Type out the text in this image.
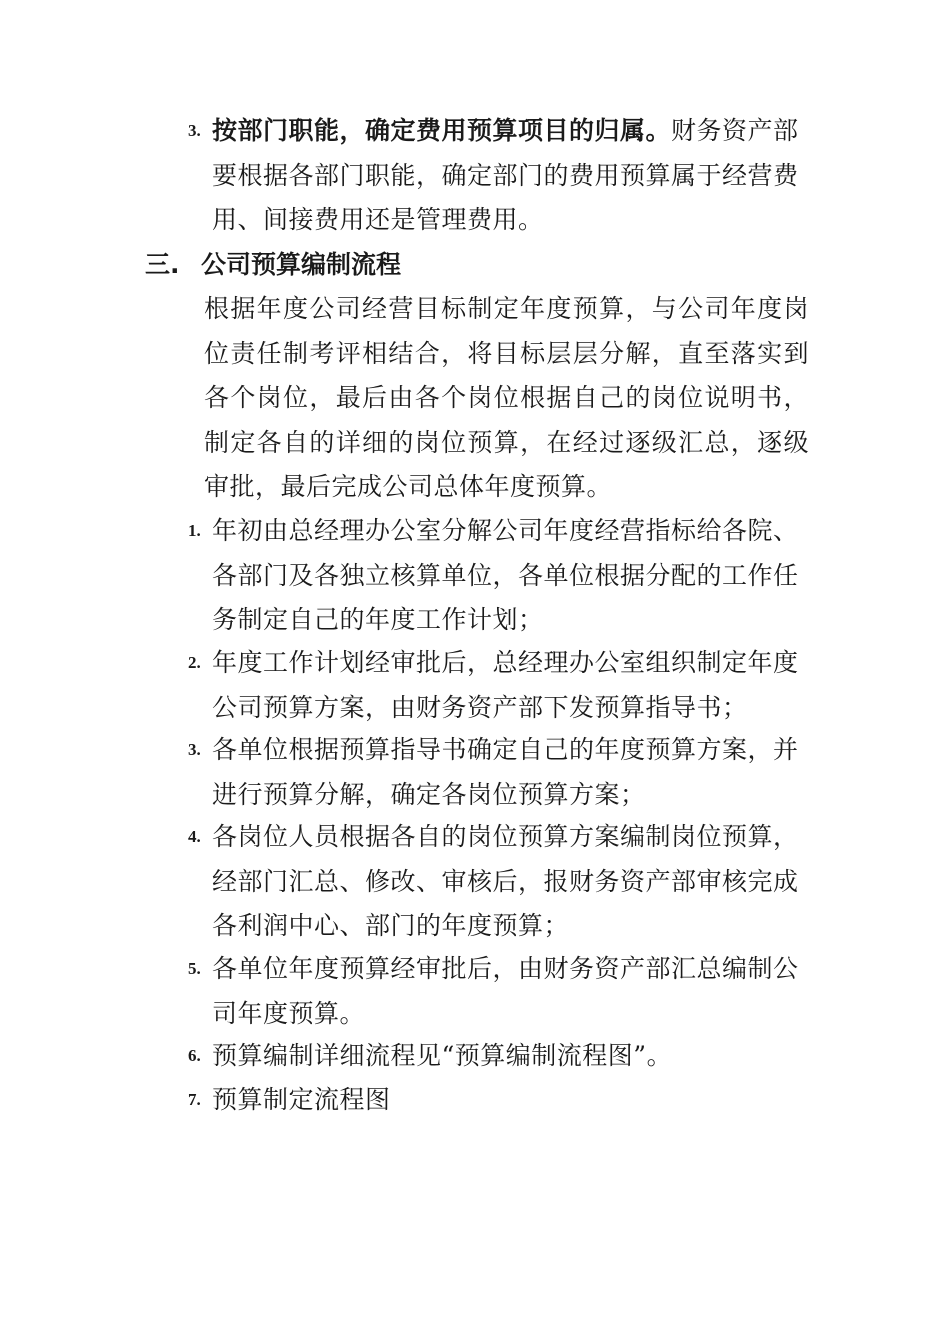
3. 按部门职能，确定费用预算项目的归属。财务资产部要根据各部门职能，确定部门的费用预算属于经营费用、间接费用还是管理费用。
三. 公司预算编制流程
根据年度公司经营目标制定年度预算，与公司年度岗位责任制考评相结合，将目标层层分解，直至落实到各个岗位，最后由各个岗位根据自己的岗位说明书，制定各自的详细的岗位预算，在经过逐级汇总，逐级审批，最后完成公司总体年度预算。
1. 年初由总经理办公室分解公司年度经营指标给各院、各部门及各独立核算单位，各单位根据分配的工作任务制定自己的年度工作计划；
2. 年度工作计划经审批后，总经理办公室组织制定年度公司预算方案，由财务资产部下发预算指导书；
3. 各单位根据预算指导书确定自己的年度预算方案，并进行预算分解，确定各岗位预算方案；
4. 各岗位人员根据各自的岗位预算方案编制岗位预算，经部门汇总、修改、审核后，报财务资产部审核完成各利润中心、部门的年度预算；
5. 各单位年度预算经审批后，由财务资产部汇总编制公司年度预算。
6. 预算编制详细流程见“预算编制流程图”。
7. 预算制定流程图
